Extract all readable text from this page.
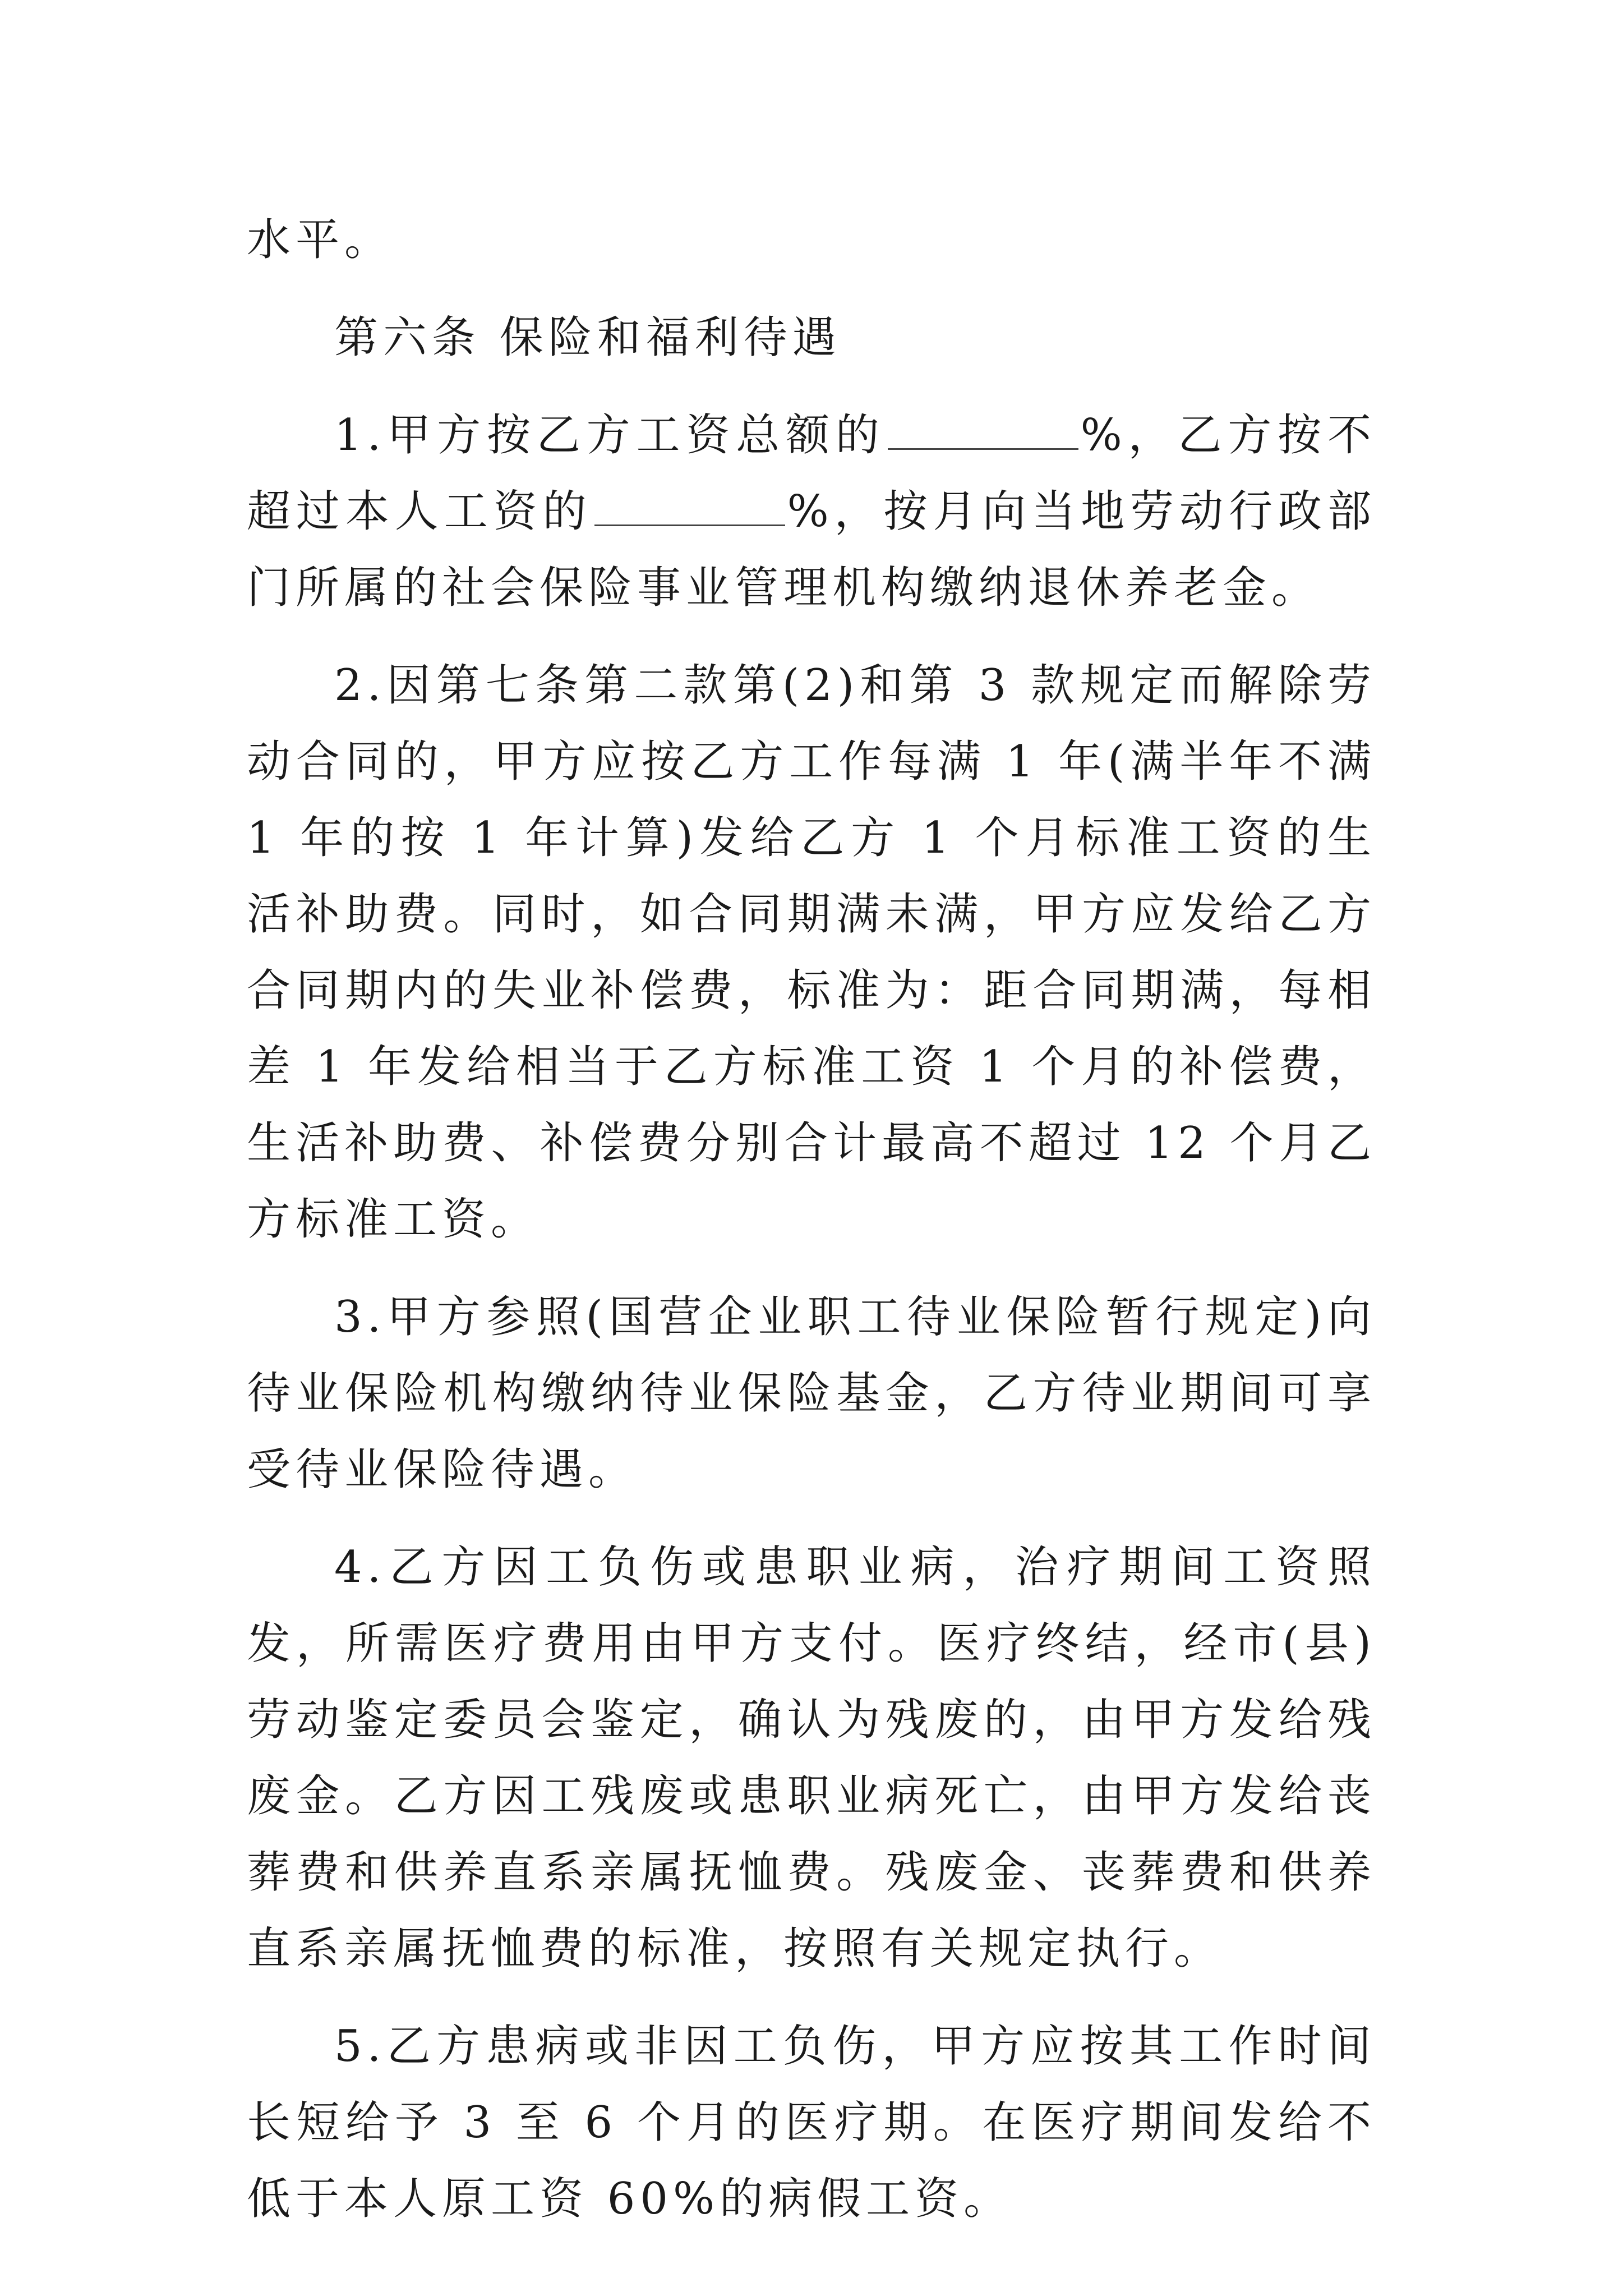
水平。

第六条 保险和福利待遇

1.甲方按乙方工资总额的	%，乙方按不超过本人工资的	%，按月向当地劳动行政部门所属的社会保险事业管理机构缴纳退休养老金。

2.因第七条第二款第(2)和第 3 款规定而解除劳动合同的，甲方应按乙方工作每满 1 年(满半年不满 1 年的按 1 年计算)发给乙方 1 个月标准工资的生活补助费。同时，如合同期满未满，甲方应发给乙方合同期内的失业补偿费，标准为：距合同期满，每相差 1 年发给相当于乙方标准工资 1 个月的补偿费，生活补助费、补偿费分别合计最高不超过 12 个月乙方标准工资。

3.甲方参照(国营企业职工待业保险暂行规定)向待业保险机构缴纳待业保险基金，乙方待业期间可享受待业保险待遇。

4.乙方因工负伤或患职业病，治疗期间工资照发，所需医疗费用由甲方支付。医疗终结，经市(县)劳动鉴定委员会鉴定，确认为残废的，由甲方发给残废金。乙方因工残废或患职业病死亡，由甲方发给丧葬费和供养直系亲属抚恤费。残废金、丧葬费和供养直系亲属抚恤费的标准，按照有关规定执行。

5.乙方患病或非因工负伤，甲方应按其工作时间长短给予 3 至 6 个月的医疗期。在医疗期间发给不低于本人原工资 60%的病假工资。
